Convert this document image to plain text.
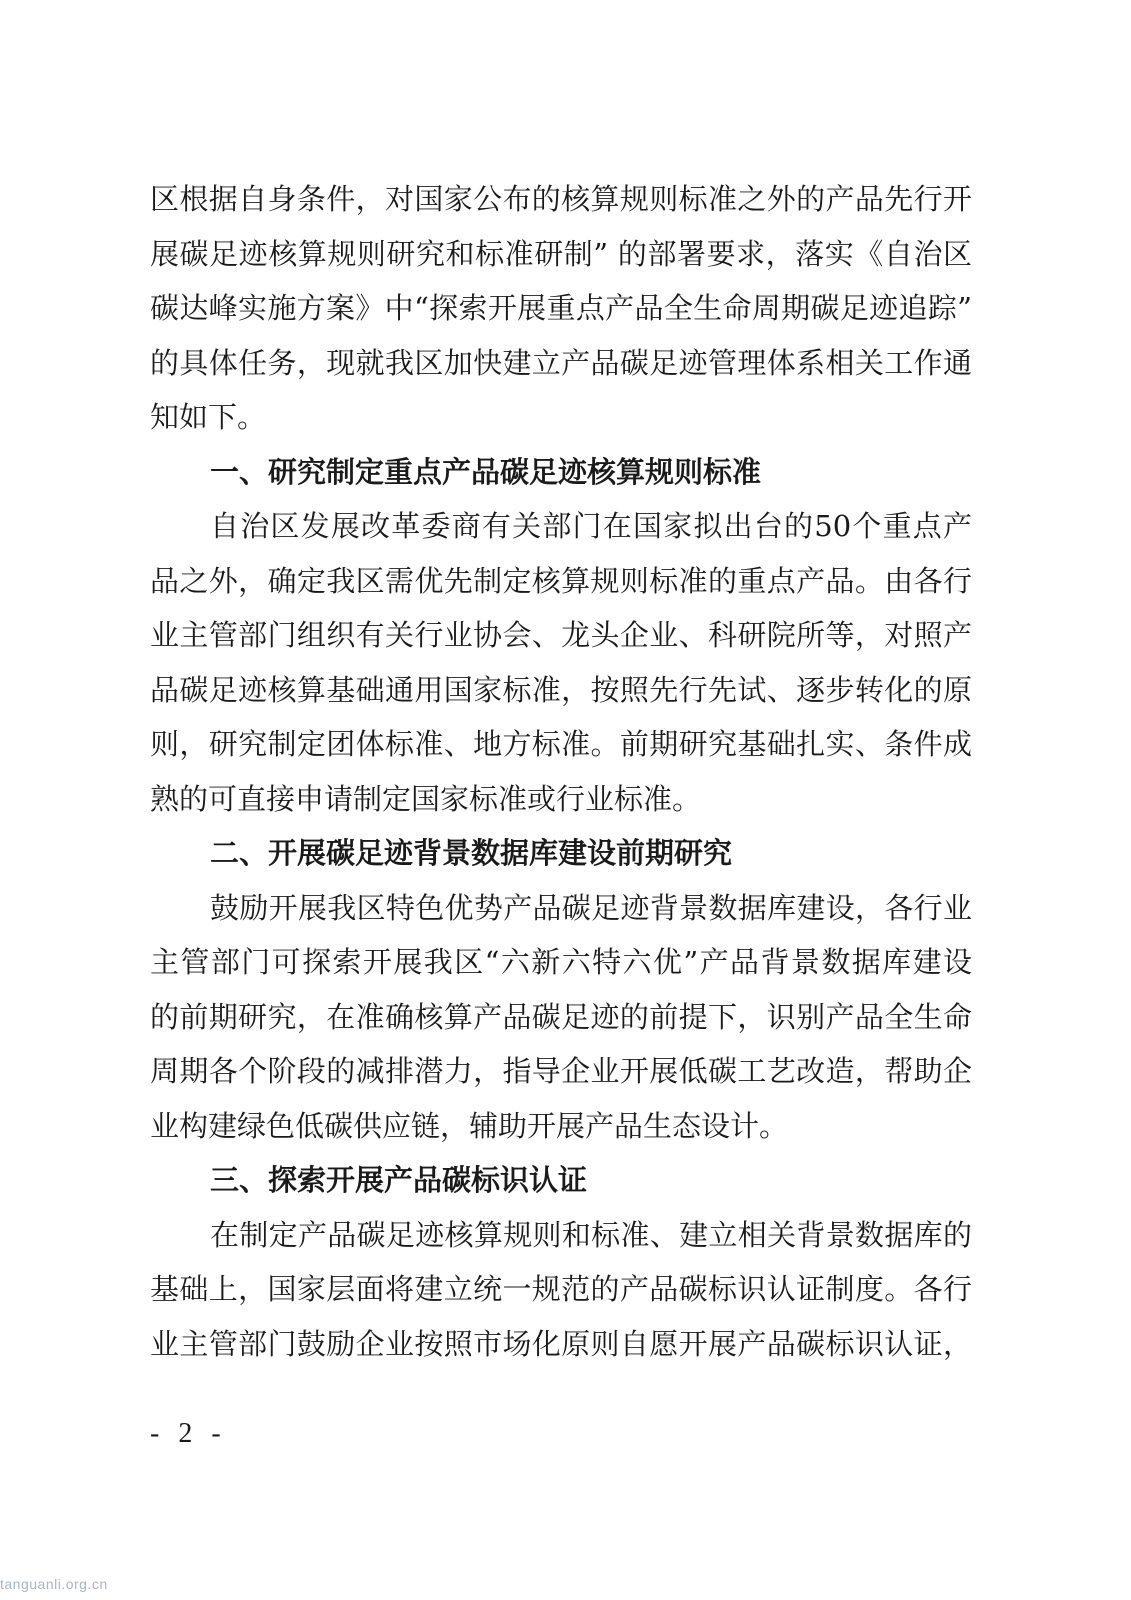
区根据自身条件，对国家公布的核算规则标准之外的产品先行开
展碳足迹核算规则研究和标准研制” 的部署要求，落实《自治区
碳达峰实施方案》中“探索开展重点产品全生命周期碳足迹追踪”
的具体任务，现就我区加快建立产品碳足迹管理体系相关工作通
知如下。
一、研究制定重点产品碳足迹核算规则标准
自治区发展改革委商有关部门在国家拟出台的50个重点产
品之外，确定我区需优先制定核算规则标准的重点产品。由各行
业主管部门组织有关行业协会、龙头企业、科研院所等，对照产
品碳足迹核算基础通用国家标准，按照先行先试、逐步转化的原
则，研究制定团体标准、地方标准。前期研究基础扎实、条件成
熟的可直接申请制定国家标准或行业标准。
二、开展碳足迹背景数据库建设前期研究
鼓励开展我区特色优势产品碳足迹背景数据库建设，各行业
主管部门可探索开展我区“六新六特六优”产品背景数据库建设
的前期研究，在准确核算产品碳足迹的前提下，识别产品全生命
周期各个阶段的减排潜力，指导企业开展低碳工艺改造，帮助企
业构建绿色低碳供应链，辅助开展产品生态设计。
三、探索开展产品碳标识认证
在制定产品碳足迹核算规则和标准、建立相关背景数据库的
基础上，国家层面将建立统一规范的产品碳标识认证制度。各行
业主管部门鼓励企业按照市场化原则自愿开展产品碳标识认证，
- 2 -
tanguanli.org.cn
